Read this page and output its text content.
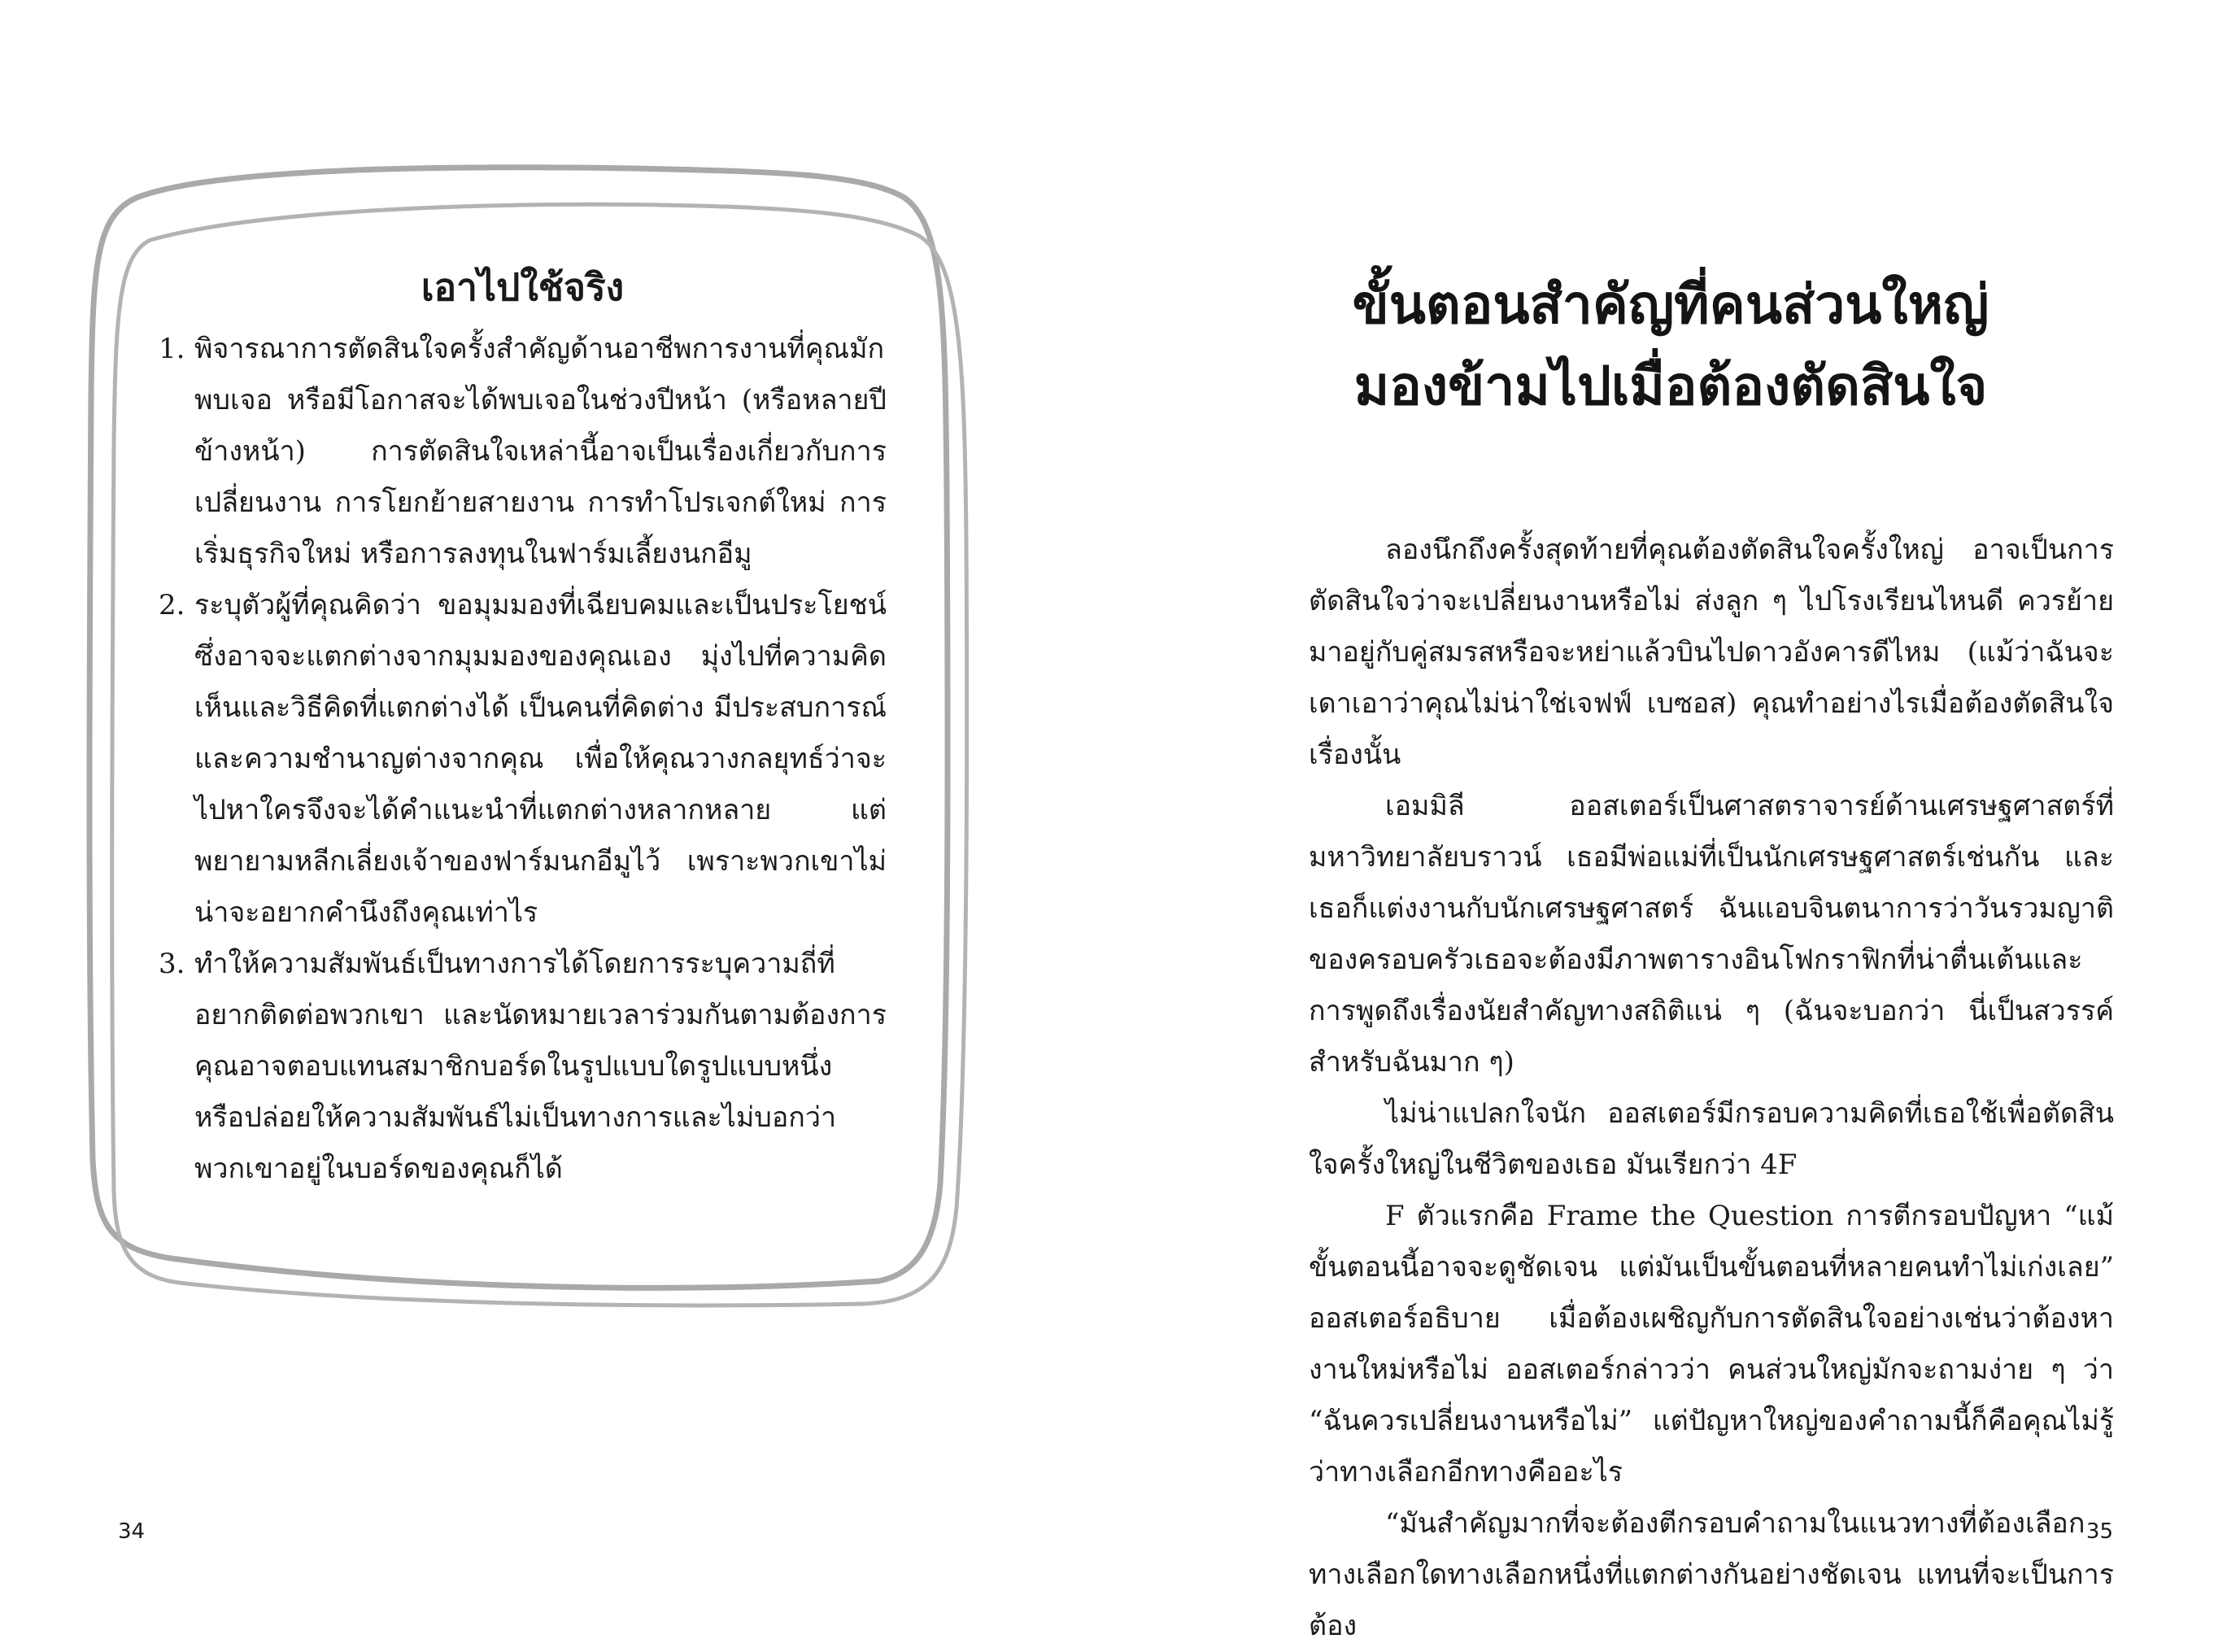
เอาไปใช้จริง
1. พิจารณาการตัดสินใจครั้งสำคัญด้านอาชีพการงานที่คุณมักพบเจอ หรือมีโอกาสจะได้พบเจอในช่วงปีหน้า (หรือหลายปีข้างหน้า) การตัดสินใจเหล่านี้อาจเป็นเรื่องเกี่ยวกับการเปลี่ยนงาน การโยกย้ายสายงาน การทำโปรเจกต์ใหม่ การเริ่มธุรกิจใหม่ หรือการลงทุนในฟาร์มเลี้ยงนกอีมู
2. ระบุตัวผู้ที่คุณคิดว่า ขอมุมมองที่เฉียบคมและเป็นประโยชน์ ซึ่งอาจจะแตกต่างจากมุมมองของคุณเอง มุ่งไปที่ความคิดเห็นและวิธีคิดที่แตกต่างได้ เป็นคนที่คิดต่าง มีประสบการณ์และความชำนาญต่างจากคุณ เพื่อให้คุณวางกลยุทธ์ว่าจะไปหาใครจึงจะได้คำแนะนำที่แตกต่างหลากหลาย แต่พยายามหลีกเลี่ยงเจ้าของฟาร์มนกอีมูไว้ เพราะพวกเขาไม่น่าจะอยากคำนึงถึงคุณเท่าไร
3. ทำให้ความสัมพันธ์เป็นทางการได้โดยการระบุความถี่ที่อยากติดต่อพวกเขา และนัดหมายเวลาร่วมกันตามต้องการ คุณอาจตอบแทนสมาชิกบอร์ดในรูปแบบใดรูปแบบหนึ่ง หรือปล่อยให้ความสัมพันธ์ไม่เป็นทางการและไม่บอกว่าพวกเขาอยู่ในบอร์ดของคุณก็ได้
34
ขั้นตอนสำคัญที่คนส่วนใหญ่
มองข้ามไปเมื่อต้องตัดสินใจ

ลองนึกถึงครั้งสุดท้ายที่คุณต้องตัดสินใจครั้งใหญ่ อาจเป็นการตัดสินใจว่าจะเปลี่ยนงานหรือไม่ ส่งลูก ๆ ไปโรงเรียนไหนดี ควรย้ายมาอยู่กับคู่สมรสหรือจะหย่าแล้วบินไปดาวอังคารดีไหม (แม้ว่าฉันจะเดาเอาว่าคุณไม่น่าใช่เจฟฟ์ เบซอส) คุณทำอย่างไรเมื่อต้องตัดสินใจเรื่องนั้น

เอมมิลี ออสเตอร์เป็นศาสตราจารย์ด้านเศรษฐศาสตร์ที่มหาวิทยาลัยบราวน์ เธอมีพ่อแม่ที่เป็นนักเศรษฐศาสตร์เช่นกัน และเธอก็แต่งงานกับนักเศรษฐศาสตร์ ฉันแอบจินตนาการว่าวันรวมญาติของครอบครัวเธอจะต้องมีภาพตารางอินโฟกราฟิกที่น่าตื่นเต้นและการพูดถึงเรื่องนัยสำคัญทางสถิติแน่ ๆ (ฉันจะบอกว่า นี่เป็นสวรรค์สำหรับฉันมาก ๆ)

ไม่น่าแปลกใจนัก ออสเตอร์มีกรอบความคิดที่เธอใช้เพื่อตัดสินใจครั้งใหญ่ในชีวิตของเธอ มันเรียกว่า 4F

F ตัวแรกคือ Frame the Question การตีกรอบปัญหา “แม้ขั้นตอนนี้อาจจะดูชัดเจน แต่มันเป็นขั้นตอนที่หลายคนทำไม่เก่งเลย” ออสเตอร์อธิบาย เมื่อต้องเผชิญกับการตัดสินใจอย่างเช่นว่าต้องหางานใหม่หรือไม่ ออสเตอร์กล่าวว่า คนส่วนใหญ่มักจะถามง่าย ๆ ว่า “ฉันควรเปลี่ยนงานหรือไม่” แต่ปัญหาใหญ่ของคำถามนี้ก็คือคุณไม่รู้ว่าทางเลือกอีกทางคืออะไร

“มันสำคัญมากที่จะต้องตีกรอบคำถามในแนวทางที่ต้องเลือกทางเลือกใดทางเลือกหนึ่งที่แตกต่างกันอย่างชัดเจน แทนที่จะเป็นการต้อง

35
